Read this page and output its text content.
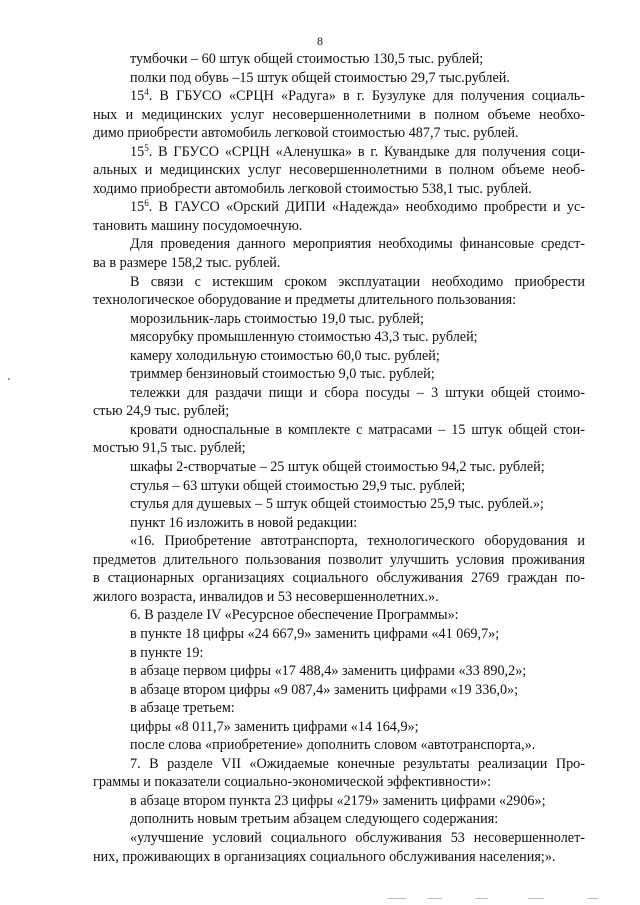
8
тумбочки – 60 штук общей стоимостью 130,5 тыс. рублей;
полки под обувь –15 штук общей стоимостью 29,7 тыс.рублей.
$15^4$. В ГБУСО «СРЦН «Радуга» в г. Бузулуке для получения социаль-
ных и медицинских услуг несовершеннолетними в полном объеме необхо-
димо приобрести автомобиль легковой стоимостью 487,7 тыс. рублей.
$15^5$. В ГБУСО «СРЦН «Аленушка» в г. Кувандыке для получения соци-
альных и медицинских услуг несовершеннолетними в полном объеме необ-
ходимо приобрести автомобиль легковой стоимостью 538,1 тыс. рублей.
$15^6$. В ГАУСО «Орский ДИПИ «Надежда» необходимо пробрести и ус-
тановить машину посудомоечную.
Для проведения данного мероприятия необходимы финансовые средст-
ва в размере 158,2 тыс. рублей.
В связи с истекшим сроком эксплуатации необходимо приобрести
технологическое оборудование и предметы длительного пользования:
морозильник-ларь стоимостью 19,0 тыс. рублей;
мясорубку промышленную стоимостью 43,3 тыс. рублей;
камеру холодильную стоимостью 60,0 тыс. рублей;
триммер бензиновый стоимостью 9,0 тыс. рублей;
тележки для раздачи пищи и сбора посуды – 3 штуки общей стоимо-
стью 24,9 тыс. рублей;
кровати односпальные в комплекте с матрасами – 15 штук общей стои-
мостью 91,5 тыс. рублей;
шкафы 2-створчатые – 25 штук общей стоимостью 94,2 тыс. рублей;
стулья – 63 штуки общей стоимостью 29,9 тыс. рублей;
стулья для душевых – 5 штук общей стоимостью 25,9 тыс. рублей.»;
пункт 16 изложить в новой редакции:
«16. Приобретение автотранспорта, технологического оборудования и
предметов длительного пользования позволит улучшить условия проживания
в стационарных организациях социального обслуживания 2769 граждан по-
жилого возраста, инвалидов и 53 несовершеннолетних.».
6. В разделе IV «Ресурсное обеспечение Программы»:
в пункте 18 цифры «24 667,9» заменить цифрами «41 069,7»;
в пункте 19:
в абзаце первом цифры «17 488,4» заменить цифрами «33 890,2»;
в абзаце втором цифры «9 087,4» заменить цифрами «19 336,0»;
в абзаце третьем:
цифры «8 011,7» заменить цифрами «14 164,9»;
после слова «приобретение» дополнить словом «автотранспорта,».
7. В разделе VII «Ожидаемые конечные результаты реализации Про-
граммы и показатели социально-экономической эффективности»:
в абзаце втором пункта 23 цифры «2179» заменить цифрами «2906»;
дополнить новым третьим абзацем следующего содержания:
«улучшение условий социального обслуживания 53 несовершеннолет-
них, проживающих в организациях социального обслуживания населения;».
